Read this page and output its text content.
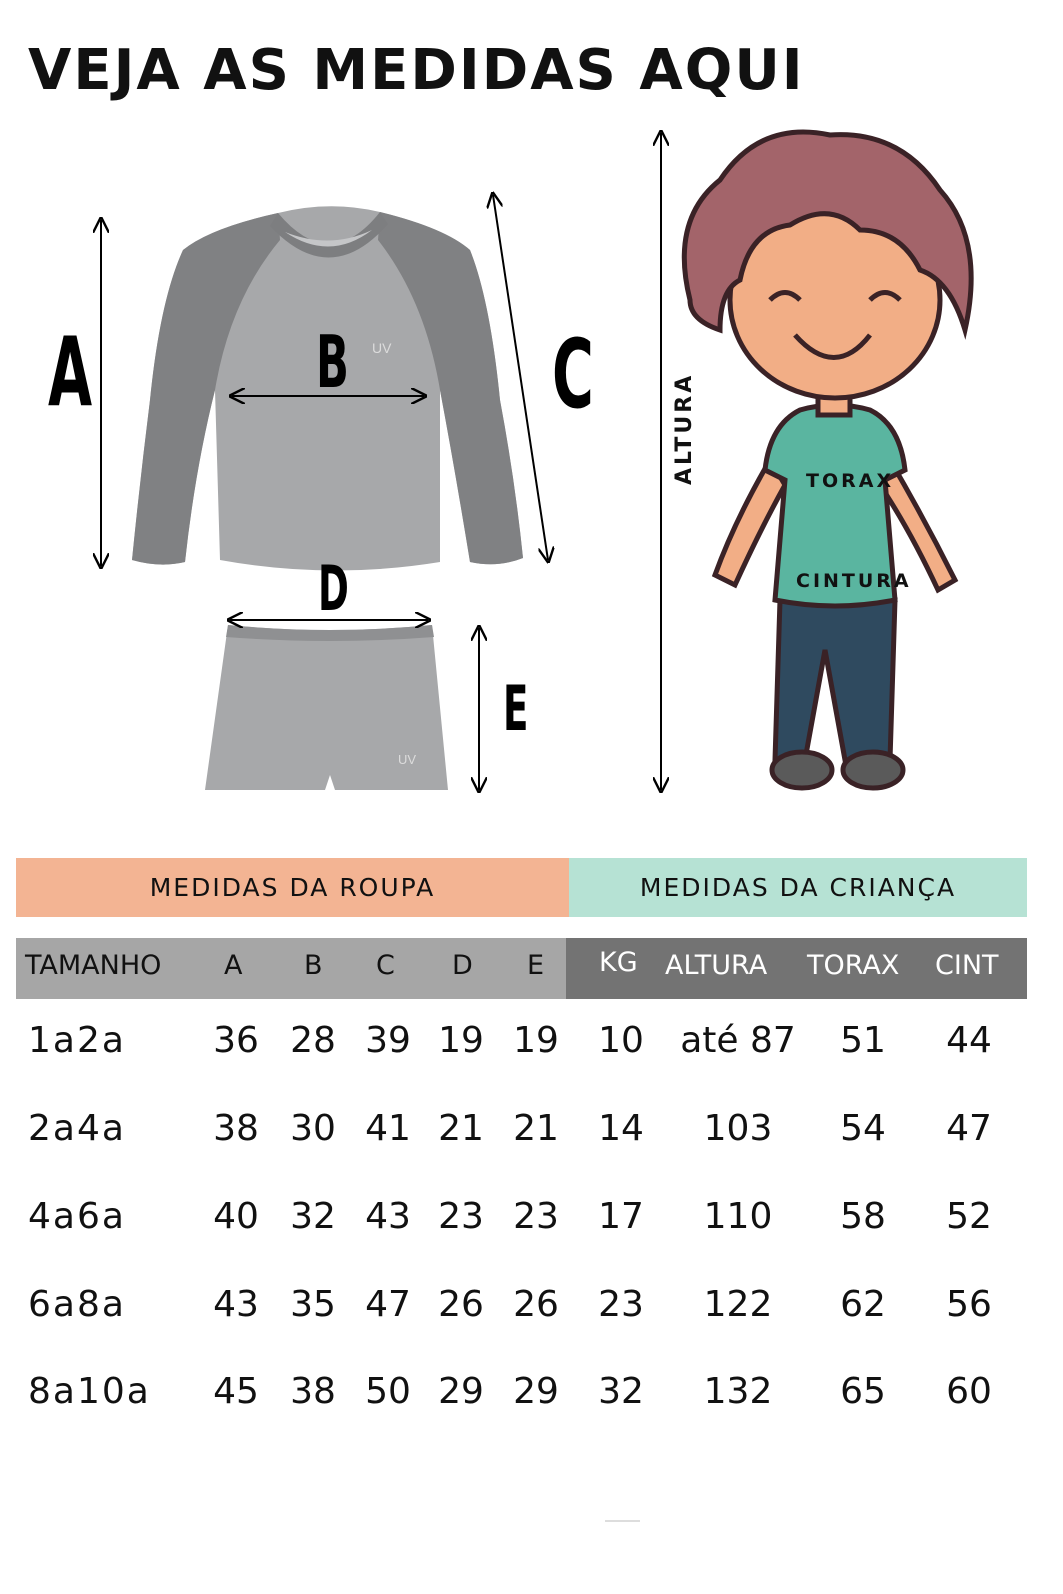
VEJA AS MEDIDAS AQUI
A	B UV C
D
E
UV
ALTURA	TORAX
CINTURA
MEDIDAS DA ROUPA	MEDIDAS DA CRIANÇA
TAMANHO A B C D E KG ALTURA TORAX CINT
1a2a 36 28 39 19 19 10 até 87 51 44
2a4a 38 30 41 21 21 14 103 54 47
4a6a 40 32 43 23 23 17 110 58 52
6a8a 43 35 47 26 26 23 122 62 56
8a10a 45 38 50 29 29 32 132 65 60
